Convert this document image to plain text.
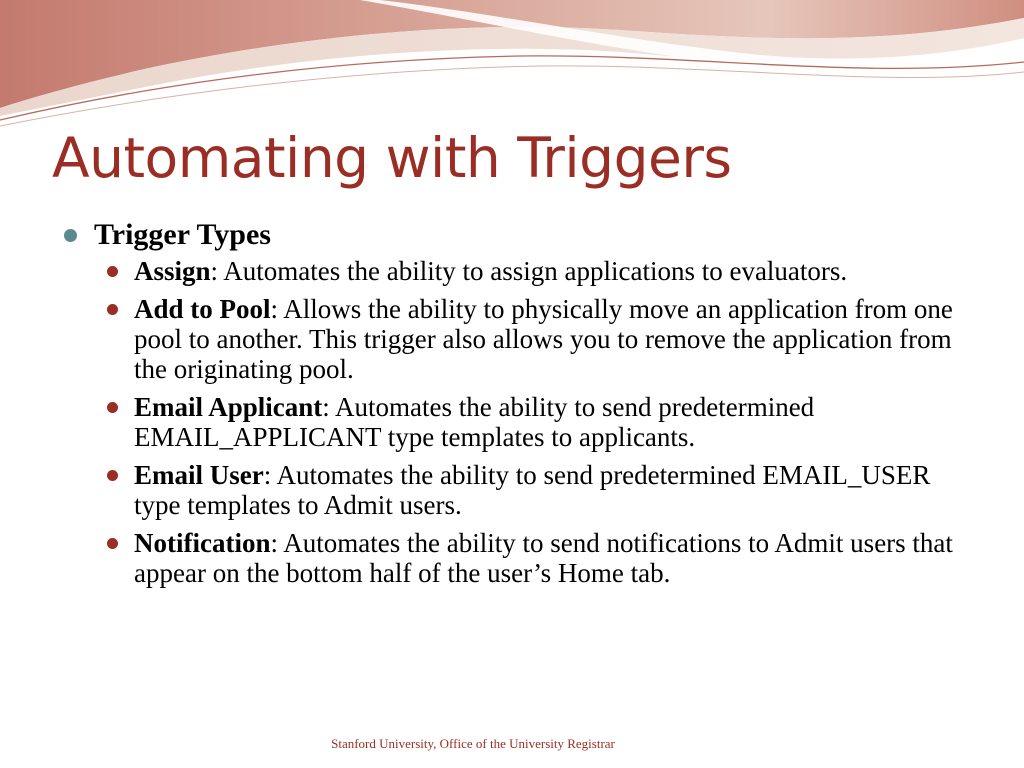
Automating with Triggers
Trigger Types
Assign: Automates the ability to assign applications to evaluators.
Add to Pool: Allows the ability to physically move an application from one pool to another. This trigger also allows you to remove the application from the originating pool.
Email Applicant: Automates the ability to send predetermined EMAIL_APPLICANT type templates to applicants.
Email User: Automates the ability to send predetermined EMAIL_USER type templates to Admit users.
Notification: Automates the ability to send notifications to Admit users that appear on the bottom half of the user’s Home tab.
Stanford University, Office of the University Registrar
